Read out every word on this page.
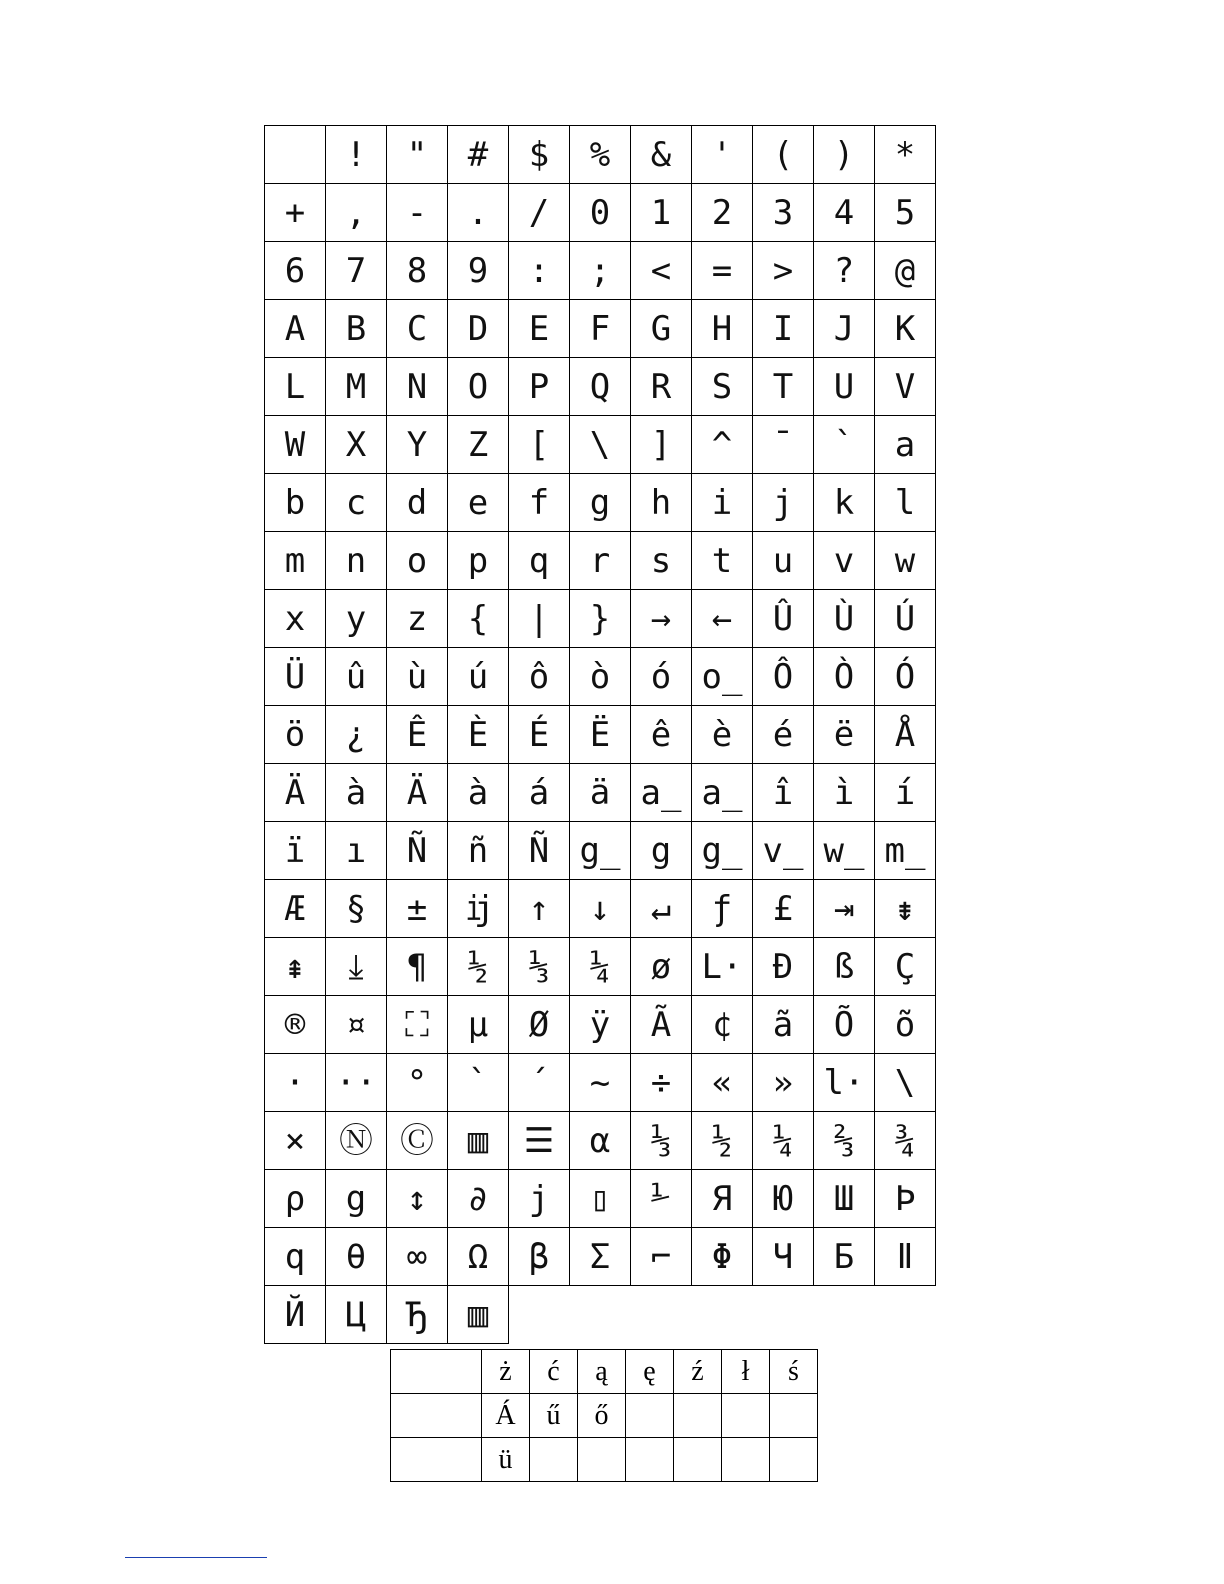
	!	"	#	$	%	&	'	(	)	*
+	,	-	.	/	0	1	2	3	4	5
6	7	8	9	:	;	<	=	>	?	@
A	B	C	D	E	F	G	H	I	J	K
L	M	N	O	P	Q	R	S	T	U	V
W	X	Y	Z	[	\	]	^	¯	`	a
b	c	d	e	f	g	h	i	j	k	l
m	n	o	p	q	r	s	t	u	v	w
x	y	z	{	|	}	→	←	Û	Ù	Ú
Ü	û	ù	ú	ô	ò	ó	o̲	Ô	Ò	Ó
ö	¿	Ê	È	É	Ë	ê	è	é	ë	Å
Ä	à	Ä	à	á	ä	a̲	a̲	î	ì	í
ï	ı	Ñ	ñ	Ñ	g̲	g	g̲	v̲	w̲	m̲
Æ	§	±	ĳ	↑	↓	↵	ƒ	£	⇥	⇟
⇞	⤓	¶	½	⅓	¼	ø	L·	Đ	ß	Ç
®	¤	⛶	µ	Ø	ÿ	Ã	¢	ã	Õ	õ
·	··	°	`	´	~	÷	«	»	l·	\
×	Ⓝ	Ⓒ	▥	☰	α	⅓	½	¼	⅔	¾
ρ	g	↕	∂	j	▯	⅟	Я	Ю	Ш	Þ
q	θ	∞	Ω	β	Σ	⌐	Φ	Ч	Б	Ⅱ
Й	Ц	Ђ	▥							
	ż	ć	ą	ę	ź	ł	ś
	Á	ű	ő				
	ü						
